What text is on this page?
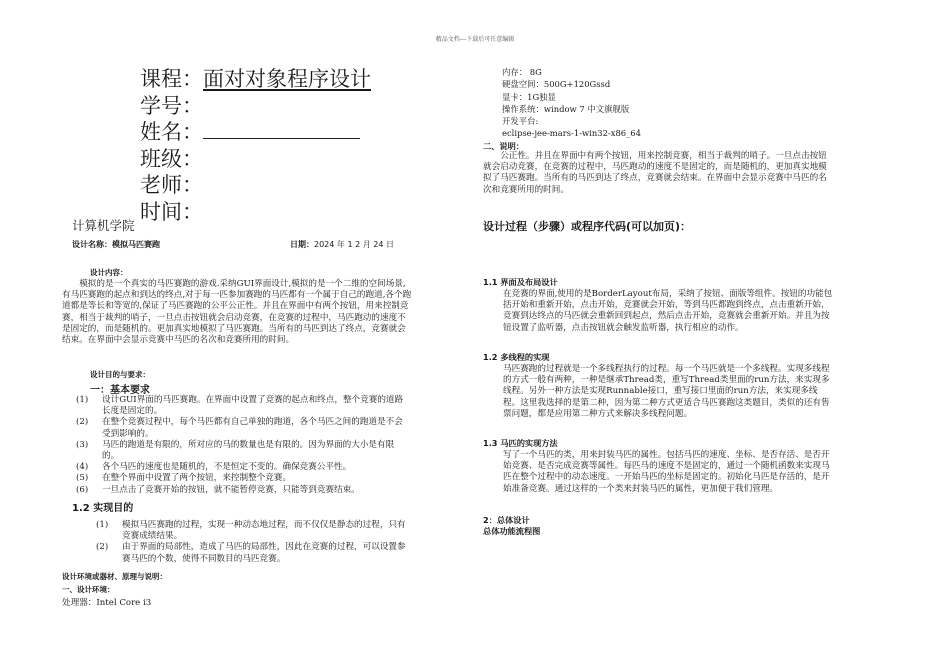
精品文档---下载后可任意编辑
课程：面对对象程序设计
学号：
姓名：
班级：
老师：
时间：
计算机学院
设计名称：模拟马匹赛跑	日期：2024 年 1 2 月 24 日
设计内容：
模拟的是一个真实的马匹赛跑的游戏.采纳GUI界面设计,模拟的是一个二维的空间场景,有马匹赛跑的起点和到达的终点,对于每一匹参加赛跑的马匹都有一个属于自己的跑道,各个跑道都是等长和等宽的,保证了马匹赛跑的公平公正性。并且在界面中有两个按钮，用来控制竞赛，相当于裁判的哨子，一旦点击按钮就会启动竞赛，在竞赛的过程中，马匹跑动的速度不是固定的，而是随机的。更加真实地模拟了马匹赛跑。当所有的马匹到达了终点，竞赛就会结束。在界面中会显示竞赛中马匹的名次和竞赛所用的时间。
设计目的与要求：
一：基本要求
(1) 设计GUI界面的马匹赛跑。在界面中设置了竞赛的起点和终点，整个竞赛的道路长度是固定的。
(2) 在整个竞赛过程中，每个马匹都有自己单独的跑道，各个马匹之间的跑道是不会受到影响的。
(3) 马匹的跑道是有限的，所对应的马的数量也是有限的。因为界面的大小是有限的。
(4) 各个马匹的速度也是随机的，不是恒定不变的。确保竞赛公平性。
(5) 在整个界面中设置了两个按钮，来控制整个竞赛。
(6) 一旦点击了竞赛开始的按钮，就不能暂停竞赛，只能等到竞赛结束。
1.2 实现目的
(1) 模拟马匹赛跑的过程，实现一种动态地过程，而不仅仅是静态的过程，只有竞赛成绩结果。
(2) 由于界面的局部性，造成了马匹的局部性，因此在竞赛的过程，可以设置参赛马匹的个数，使得不同数目的马匹竞赛。
设计环境或器材、原理与说明：
一、设计环境：
处理器：Intel Core i3
内存： 8G
硬盘空间：500G+120Gssd
显卡：1G独显
操作系统：window 7 中文旗舰版
开发平台:
eclipse-jee-mars-1-win32-x86_64
二、说明：
公正性。并且在界面中有两个按钮，用来控制竞赛，相当于裁判的哨子。一旦点击按钮就会启动竞赛，在竞赛的过程中，马匹跑动的速度不是固定的，而是随机的，更加真实地模拟了马匹赛跑。当所有的马匹到达了终点，竞赛就会结束。在界面中会显示竞赛中马匹的名次和竞赛所用的时间。
设计过程（步骤）或程序代码(可以加页)：
1.1 界面及布局设计
在竞赛的界面,使用的是BorderLayout布局，采纳了按钮、面版等组件。按钮的功能包括开始和重新开始，点击开始，竞赛就会开始，等到马匹都跑到终点，点击重新开始，竞赛到达终点的马匹就会重新回到起点，然后点击开始，竞赛就会重新开始。并且为按钮设置了监听器，点击按钮就会触发监听器，执行相应的动作。
1.2 多线程的实现
马匹赛跑的过程就是一个多线程执行的过程。每一个马匹就是一个多线程。实现多线程的方式一般有两种，一种是继承Thread类，重写Thread类里面的run方法，来实现多线程。另外一种方法是实现Runnable接口，重写接口里面的run方法，来实现多线程。这里我选择的是第二种，因为第二种方式更适合马匹赛跑这类题目，类似的还有售票问题，都是应用第二种方式来解决多线程问题。
1.3 马匹的实现方法
写了一个马匹的类，用来封装马匹的属性。包括马匹的速度、坐标、是否存活、是否开始竞赛、是否完成竞赛等属性。每匹马的速度不是固定的，通过一个随机函数来实现马匹在整个过程中的动态速度。一开始马匹的坐标是固定的。初始化马匹是存活的，是开始准备竞赛。通过这样的一个类来封装马匹的属性，更加便于我们管理。
2：总体设计
总体功能流程图
